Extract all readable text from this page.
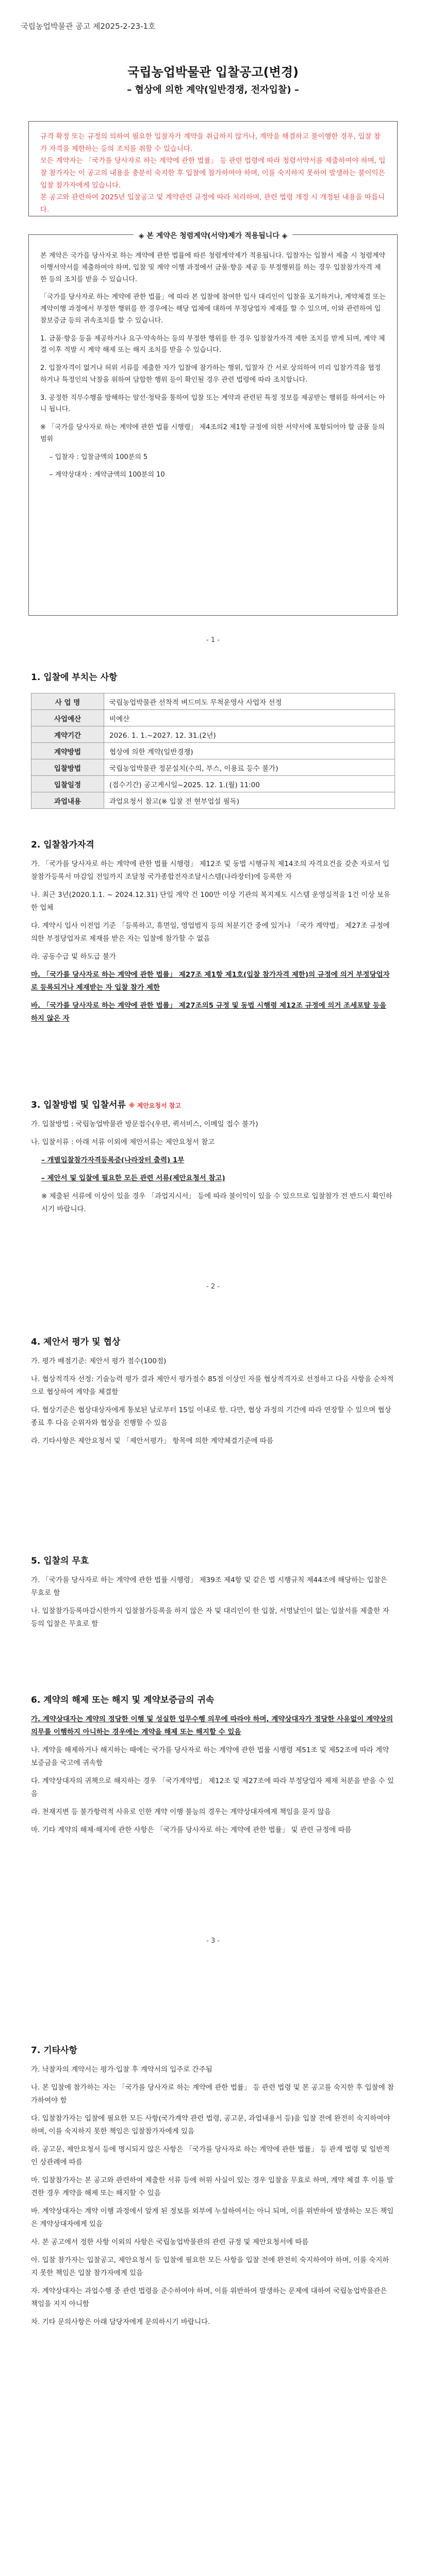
국립농업박물관 공고 제2025-2-23-1호
국립농업박물관 입찰공고(변경)
– 협상에 의한 계약(일반경쟁, 전자입찰) –
규격 확정 또는 규정의 의하여 필요한 입찰자가 계약을 취급하지 않거나, 계약을 해결하고 불이행한 경우, 입찰 참가 자격을 제한하는 등의 조치를 취할 수 있습니다.
모든 계약자는 「국가를 당사자로 하는 계약에 관한 법률」 등 관련 법령에 따라 청렴서약서를 제출하여야 하며, 입찰 참가자는 이 공고의 내용을 충분히 숙지한 후 입찰에 참가하여야 하며, 이를 숙지하지 못하여 발생하는 불이익은 입찰 참가자에게 있습니다.
본 공고와 관련하여 2025년 입찰공고 및 계약관련 규정에 따라 처리하며, 관련 법령 개정 시 개정된 내용을 따릅니다.
◈ 본 계약은 청렴계약(서약)제가 적용됩니다 ◈

본 계약은 국가를 당사자로 하는 계약에 관한 법률에 따른 청렴계약제가 적용됩니다. 입찰자는 입찰서 제출 시 청렴계약 이행서약서를 제출하여야 하며, 입찰 및 계약 이행 과정에서 금품·향응 제공 등 부정행위를 하는 경우 입찰참가자격 제한 등의 조치를 받을 수 있습니다.

「국가를 당사자로 하는 계약에 관한 법률」에 따라 본 입찰에 참여한 입사 대리인이 입찰을 포기하거나, 계약체결 또는 계약이행 과정에서 부정한 행위를 한 경우에는 해당 업체에 대하여 부정당업자 제재를 할 수 있으며, 이와 관련하여 입찰보증금 등의 귀속조치를 할 수 있습니다.

1. 금품·향응 등을 제공하거나 요구·약속하는 등의 부정한 행위를 한 경우 입찰참가자격 제한 조치를 받게 되며, 계약 체결 이후 적발 시 계약 해제 또는 해지 조치를 받을 수 있습니다.

2. 입찰자격이 없거나 허위 서류를 제출한 자가 입찰에 참가하는 행위, 입찰자 간 서로 상의하여 미리 입찰가격을 협정하거나 특정인의 낙찰을 위하여 담합한 행위 등이 확인될 경우 관련 법령에 따라 조치합니다.

3. 공정한 직무수행을 방해하는 알선·청탁을 통하여 입찰 또는 계약과 관련된 특정 정보를 제공받는 행위를 하여서는 아니 됩니다.

※ 「국가를 당사자로 하는 계약에 관한 법률 시행령」 제4조의2 제1항 규정에 의한 서약서에 포함되어야 할 금품 등의 범위

– 입찰자 : 입찰금액의 100분의 5

– 계약상대자 : 계약금액의 100분의 10

- 1 -
1. 입찰에 부치는 사항
사 업 명	국립농업박물관 선착적 벼드미도 무척운영사 사업자 선정
사업예산	비예산
계약기간	2026. 1. 1.~2027. 12. 31.(2년)
계약방법	협상에 의한 계약(일반경쟁)
입찰방법	국립농업박물관 정문설치(수의, 부스, 이용료 등수 불가)
입찰일정	(접수기간) 공고게시일~2025. 12. 1.(월) 11:00
과업내용	과업요청서 참고(※ 입찰 전 현부업설 필독)
2. 입찰참가자격

가. 「국가를 당사자로 하는 계약에 관한 법률 시행령」 제12조 및 동법 시행규칙 제14조의 자격요건을 갖춘 자로서 입찰참가등록서 마감일 전일까지 조달청 국가종합전자조달시스템(나라장터)에 등록한 자

나. 최근 3년(2020.1.1. ~ 2024.12.31) 단일 계약 건 100만 이상 기관의 복지제도 시스템 운영실적을 1건 이상 보유한 업체

다. 계약시 입사 이전업 기준 「등록하고, 휴면일, 영업범지 등의 처분기간 중에 있거나 「국가 계약법」 제27조 규정에 의한 부정당업자로 제재를 받은 자는 입찰에 참가할 수 없음

라. 공동수급 및 하도급 불가

마. 「국가를 당사자로 하는 계약에 관한 법률」 제27조 제1항 제1호(입찰 참가자격 제한)의 규정에 의거 부정당업자로 등록되거나 제재받는 자 입찰 참가 제한

바. 「국가를 당사자로 하는 계약에 관한 법률」 제27조의5 규정 및 동법 시행령 제12조 규정에 의거 조세포탈 등을 하지 않은 자

3. 입찰방법 및 입찰서류 ※ 제안요청서 참고

가. 입찰방법 : 국립농업박물관 방문접수(우편, 퀵서비스, 이메일 접수 불가)

나. 입찰서류 : 아래 서류 이외에 제안서류는 제안요청서 참고

– 개별입찰참가자격등록증(나라장터 출력) 1부

– 제안서 및 입찰에 필요한 모든 관련 서류(제안요청서 참고)

※ 제출된 서류에 이상이 있을 경우 「과업지시서」 등에 따라 불이익이 있을 수 있으므로 입찰참가 전 반드시 확인하시기 바랍니다.

- 2 -
4. 제안서 평가 및 협상

가. 평가 배점기준: 제안서 평가 점수(100점)

나. 협상적격자 선정: 기술능력 평가 결과 제안서 평가점수 85점 이상인 자를 협상적격자로 선정하고 다음 사항을 순차적으로 협상하여 계약을 체결함

다. 협상기준은 협상대상자에게 통보된 날로부터 15일 이내로 함. 다만, 협상 과정의 기간에 따라 연장할 수 있으며 협상 종료 후 다음 순위자와 협상을 진행할 수 있음

라. 기타사항은 제안요청서 및 「제안서평가」 항목에 의한 계약체결기준에 따름

5. 입찰의 무효

가. 「국가를 당사자로 하는 계약에 관한 법률 시행령」 제39조 제4항 및 같은 법 시행규칙 제44조에 해당하는 입찰은 무효로 함

나. 입찰참가등록마감시한까지 입찰참가등록을 하지 않은 자 및 대리인이 한 입찰, 서명날인이 없는 입찰서를 제출한 자 등의 입찰은 무효로 함

6. 계약의 해제 또는 해지 및 계약보증금의 귀속

가. 계약상대자는 계약의 정당한 이행 및 성실한 업무수행 의무에 따라야 하며, 계약상대자가 정당한 사유없이 계약상의 의무를 이행하지 아니하는 경우에는 계약을 해제 또는 해지할 수 있음

나. 계약을 해제하거나 해지하는 때에는 국가를 당사자로 하는 계약에 관한 법률 시행령 제51조 및 제52조에 따라 계약보증금을 국고에 귀속함

다. 계약상대자의 귀책으로 해지하는 경우 「국가계약법」 제12조 및 제27조에 따라 부정당업자 제재 처분을 받을 수 있음

라. 천재지변 등 불가항력적 사유로 인한 계약 이행 불능의 경우는 계약상대자에게 책임을 묻지 않음

마. 기타 계약의 해제·해지에 관한 사항은 「국가를 당사자로 하는 계약에 관한 법률」 및 관련 규정에 따름

- 3 -
7. 기타사항

가. 낙찰자의 계약서는 평가·입찰 후 계약서의 입주로 간주됨

나. 본 입찰에 참가하는 자는 「국가를 당사자로 하는 계약에 관한 법률」 등 관련 법령 및 본 공고를 숙지한 후 입찰에 참가하여야 함

다. 입찰참가자는 입찰에 필요한 모든 사항(국가계약 관련 법령, 공고문, 과업내용서 등)을 입찰 전에 완전히 숙지하여야 하며, 이를 숙지하지 못한 책임은 입찰참가자에게 있음

라. 공고문, 제안요청서 등에 명시되지 않은 사항은 「국가를 당사자로 하는 계약에 관한 법률」 등 관계 법령 및 일반적인 상관례에 따름

마. 입찰참가자는 본 공고와 관련하여 제출한 서류 등에 허위 사실이 있는 경우 입찰을 무효로 하며, 계약 체결 후 이를 발견한 경우 계약을 해제 또는 해지할 수 있음

바. 계약상대자는 계약 이행 과정에서 알게 된 정보를 외부에 누설하여서는 아니 되며, 이를 위반하여 발생하는 모든 책임은 계약상대자에게 있음

사. 본 공고에서 정한 사항 이외의 사항은 국립농업박물관의 관련 규정 및 제안요청서에 따름

아. 입찰 참가자는 입찰공고, 제안요청서 등 입찰에 필요한 모든 사항을 입찰 전에 완전히 숙지하여야 하며, 이를 숙지하지 못한 책임은 입찰 참가자에게 있음

자. 계약상대자는 과업수행 중 관련 법령을 준수하여야 하며, 이를 위반하여 발생하는 문제에 대하여 국립농업박물관은 책임을 지지 아니함

차. 기타 문의사항은 아래 담당자에게 문의하시기 바랍니다.
